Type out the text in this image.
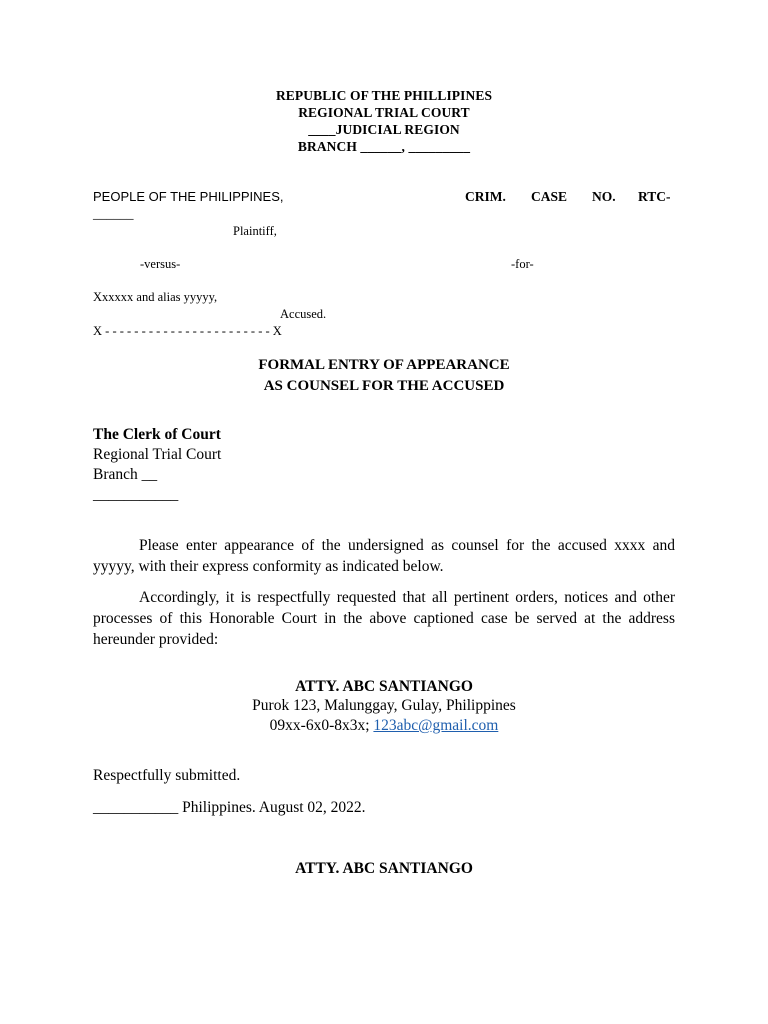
REPUBLIC OF THE PHILLIPINES
REGIONAL TRIAL COURT
____JUDICIAL REGION
BRANCH ______, _________
PEOPLE OF THE PHILIPPINES,	CRIM. CASE NO. RTC-
______
Plaintiff,
-versus-	-for-
Xxxxxx and alias yyyyy,
Accused.
X - - - - - - - - - - - - - - - - - - - - - - - X
FORMAL ENTRY OF APPEARANCE
AS COUNSEL FOR THE ACCUSED
The Clerk of Court
Regional Trial Court
Branch __
___________
Please enter appearance of the undersigned as counsel for the accused xxxx and yyyyy, with their express conformity as indicated below.
Accordingly, it is respectfully requested that all pertinent orders, notices and other processes of this Honorable Court in the above captioned case be served at the address hereunder provided:
ATTY. ABC SANTIANGO
Purok 123, Malunggay, Gulay, Philippines
09xx-6x0-8x3x; 123abc@gmail.com
Respectfully submitted.
___________ Philippines. August 02, 2022.
ATTY. ABC SANTIANGO
